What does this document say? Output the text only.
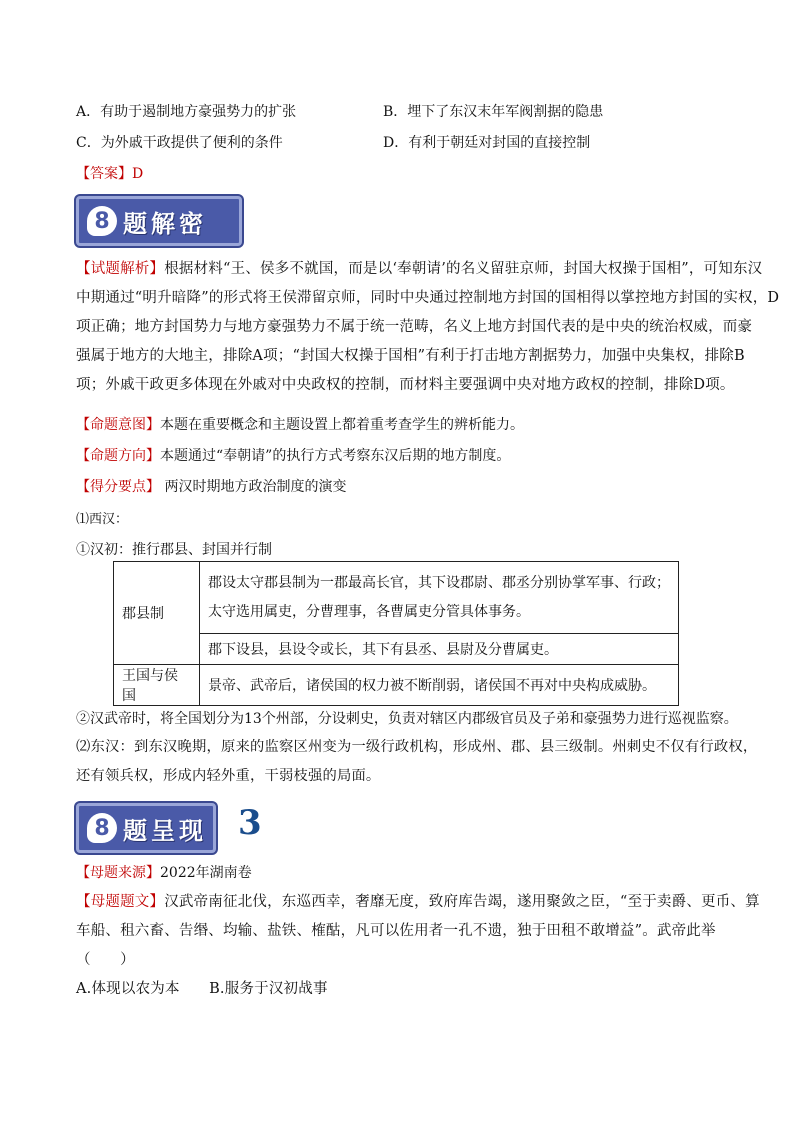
A．有助于遏制地方豪强势力的扩张	B．埋下了东汉末年军阀割据的隐患
C．为外戚干政提供了便利的条件	D．有利于朝廷对封国的直接控制
【答案】D
8 题解密
【试题解析】根据材料“王、侯多不就国，而是以‘奉朝请’的名义留驻京师，封国大权操于国相”，可知东汉
中期通过“明升暗降”的形式将王侯滞留京师，同时中央通过控制地方封国的国相得以掌控地方封国的实权，D
项正确；地方封国势力与地方豪强势力不属于统一范畴，名义上地方封国代表的是中央的统治权威，而豪
强属于地方的大地主，排除A项；“封国大权操于国相”有利于打击地方割据势力，加强中央集权，排除B
项；外戚干政更多体现在外戚对中央政权的控制，而材料主要强调中央对地方政权的控制，排除D项。
【命题意图】本题在重要概念和主题设置上都着重考查学生的辨析能力。
【命题方向】本题通过“奉朝请”的执行方式考察东汉后期的地方制度。
【得分要点】 两汉时期地方政治制度的演变
⑴西汉：
①汉初：推行郡县、封国并行制
郡县制	郡设太守郡县制为一郡最高长官，其下设郡尉、郡丞分别协掌军事、行政；
太守选用属吏，分曹理事，各曹属吏分管具体事务。

	郡下设县，县设令或长，其下有县丞、县尉及分曹属吏。
王国与侯国	景帝、武帝后，诸侯国的权力被不断削弱，诸侯国不再对中央构成威胁。
②汉武帝时，将全国划分为13个州部，分设刺史，负责对辖区内郡级官员及子弟和豪强势力进行巡视监察。
⑵东汉：到东汉晚期，原来的监察区州变为一级行政机构，形成州、郡、县三级制。州刺史不仅有行政权，
还有领兵权，形成内轻外重，干弱枝强的局面。
8 题呈现 3
【母题来源】2022年湖南卷
【母题题文】汉武帝南征北伐，东巡西幸，奢靡无度，致府库告竭，遂用聚敛之臣，“至于卖爵、更币、算
车船、租六畜、告缗、均输、盐铁、榷酤，凡可以佐用者一孔不遗，独于田租不敢增益”。武帝此举
（　　）
A.体现以农为本　　B.服务于汉初战事
